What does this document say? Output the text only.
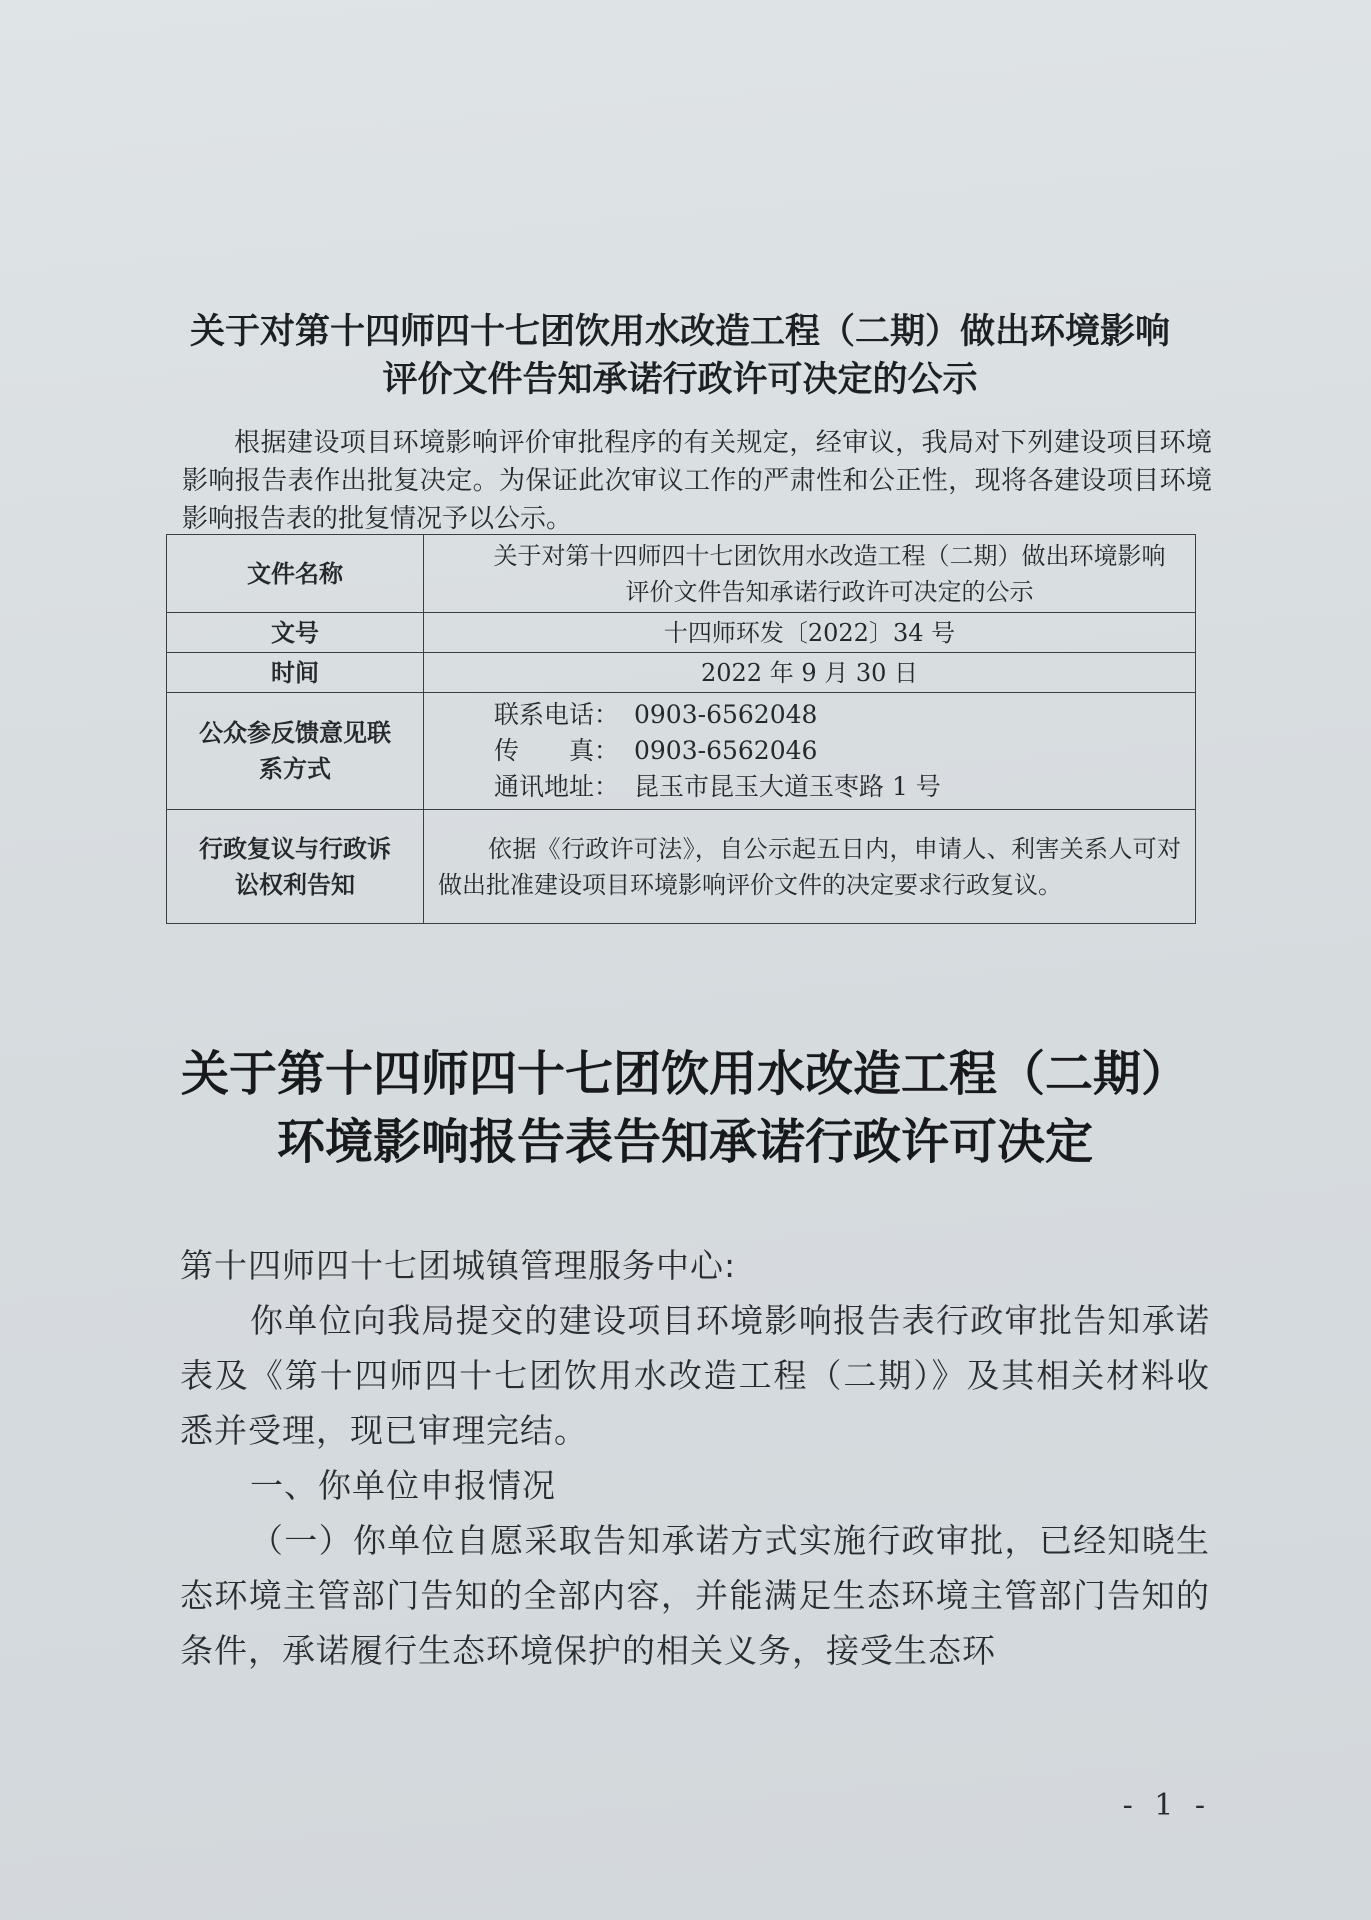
关于对第十四师四十七团饮用水改造工程（二期）做出环境影响
评价文件告知承诺行政许可决定的公示

根据建设项目环境影响评价审批程序的有关规定，经审议，我局对下列建设项目环境影响报告表作出批复决定。为保证此次审议工作的严肃性和公正性，现将各建设项目环境影响报告表的批复情况予以公示。

文件名称	关于对第十四师四十七团饮用水改造工程（二期）做出环境影响评价文件告知承诺行政许可决定的公示
文号	十四师环发〔2022〕34 号
时间	2022 年 9 月 30 日
公众参反馈意见联系方式	联系电话： 0903-6562048
传　　真： 0903-6562046
通讯地址： 昆玉市昆玉大道玉枣路 1 号

行政复议与行政诉讼权利告知	依据《行政许可法》，自公示起五日内，申请人、利害关系人可对做出批准建设项目环境影响评价文件的决定要求行政复议。
关于第十四师四十七团饮用水改造工程（二期）
环境影响报告表告知承诺行政许可决定

第十四师四十七团城镇管理服务中心:

你单位向我局提交的建设项目环境影响报告表行政审批告知承诺表及《第十四师四十七团饮用水改造工程（二期）》及其相关材料收悉并受理，现已审理完结。

一、你单位申报情况

（一）你单位自愿采取告知承诺方式实施行政审批，已经知晓生态环境主管部门告知的全部内容，并能满足生态环境主管部门告知的条件，承诺履行生态环境保护的相关义务，接受生态环

- 1 -
